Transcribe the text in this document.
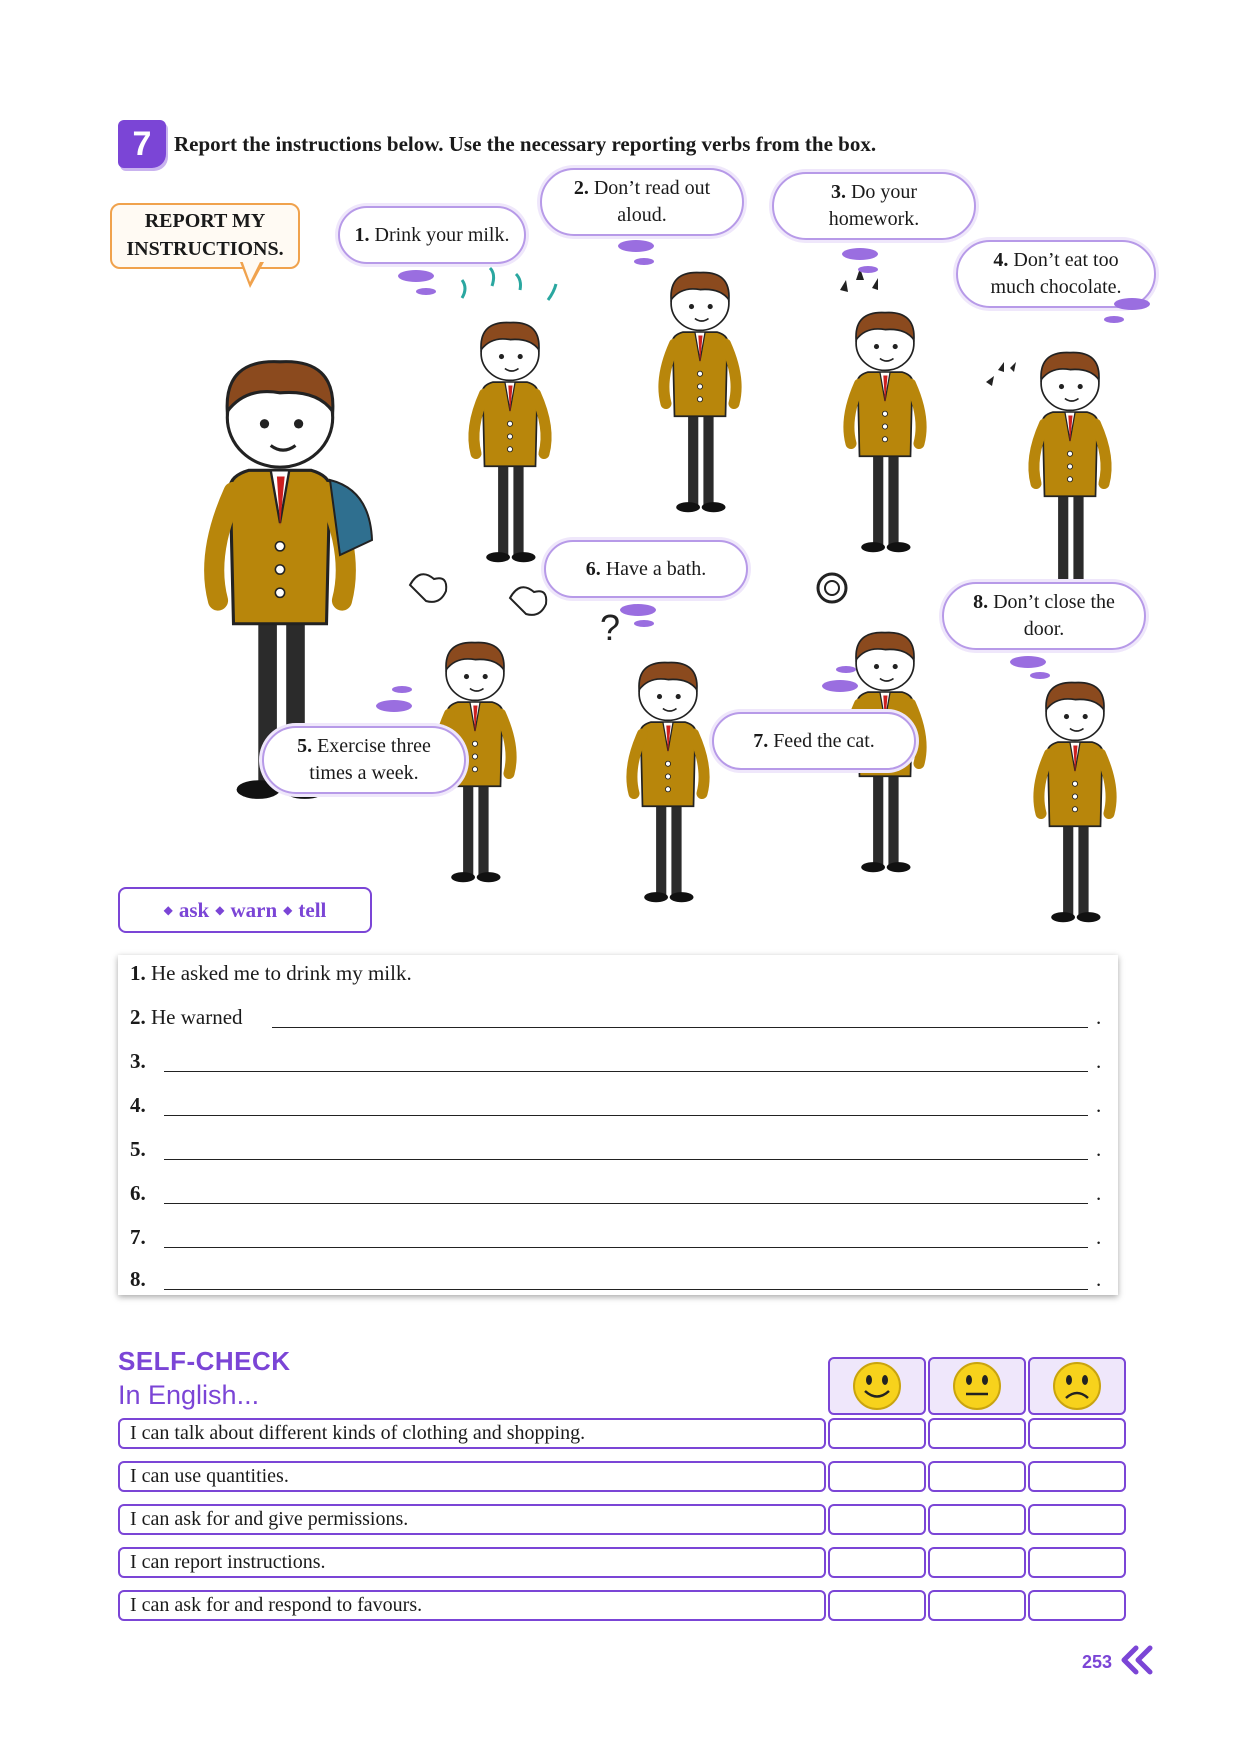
7	Report the instructions below. Use the necessary reporting verbs from the box.
?
REPORT MY
INSTRUCTIONS.
1. Drink your milk.
2. Don’t read out
aloud.
3. Do your
homework.
4. Don’t eat too
much chocolate.
5. Exercise three
times a week.
6. Have a bath.
7. Feed the cat.
8. Don’t close the
door.
◆ ask ◆ warn ◆ tell
1. He asked me to drink my milk.
2. He warned	.
3.	.
4.	.
5.	.
6.	.
7.	.
8.	.
SELF-CHECK
In English...
I can talk about different kinds of clothing and shopping.
I can use quantities.
I can ask for and give permissions.
I can report instructions.
I can ask for and respond to favours.
253
